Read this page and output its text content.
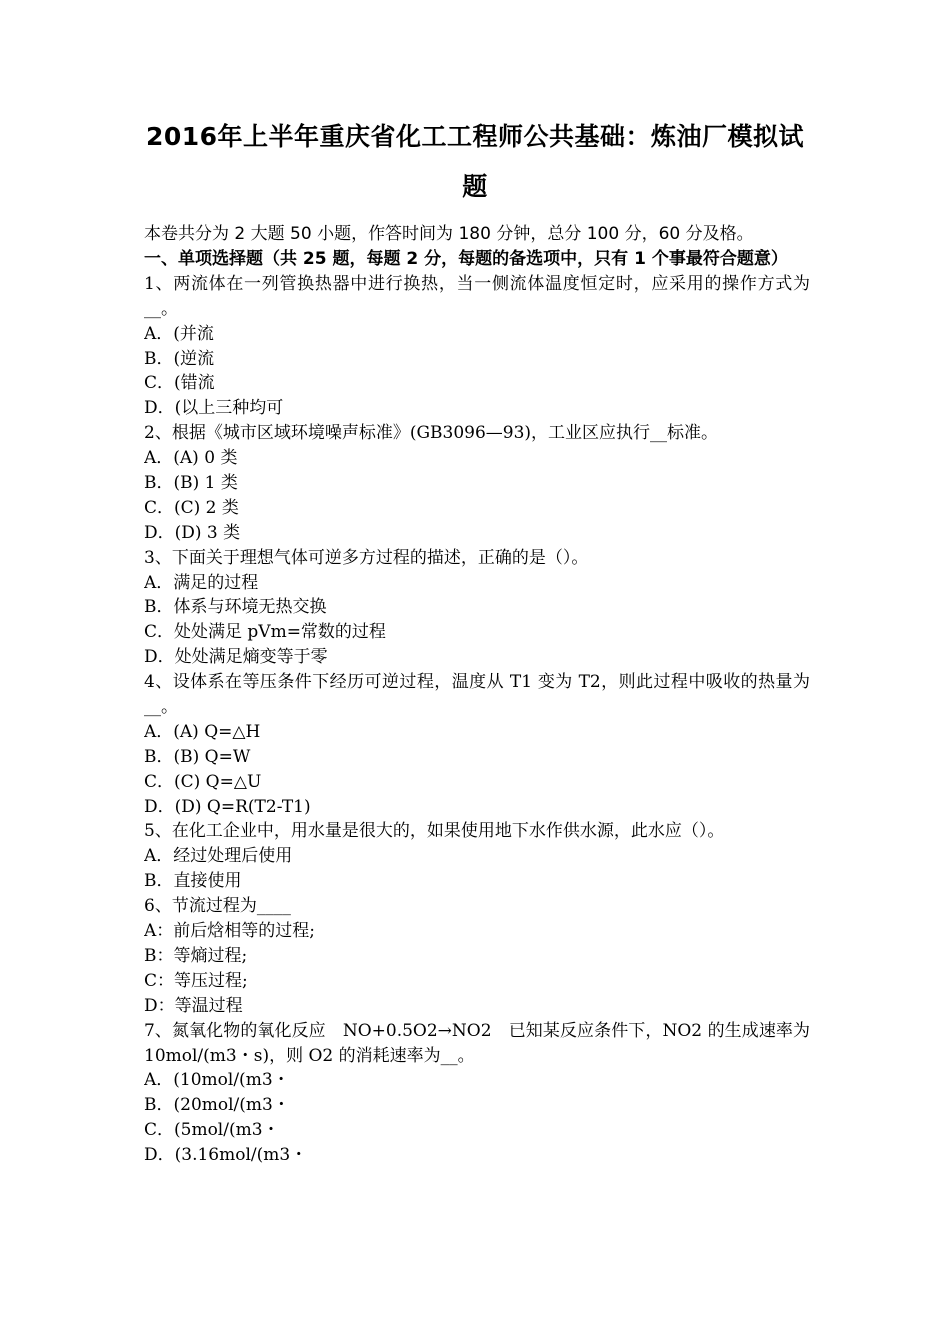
2016年上半年重庆省化工工程师公共基础：炼油厂模拟试题
本卷共分为 2 大题 50 小题，作答时间为 180 分钟，总分 100 分，60 分及格。
一、单项选择题（共 25 题，每题 2 分，每题的备选项中，只有 1 个事最符合题意）
1、两流体在一列管换热器中进行换热，当一侧流体温度恒定时，应采用的操作方式为__。
A．(并流
B．(逆流
C．(错流
D．(以上三种均可
2、根据《城市区域环境噪声标准》(GB3096—93)，工业区应执行__标准。
A．(A) 0 类
B．(B) 1 类
C．(C) 2 类
D．(D) 3 类
3、下面关于理想气体可逆多方过程的描述，正确的是（）。
A．满足的过程
B．体系与环境无热交换
C．处处满足 pVm=常数的过程
D．处处满足熵变等于零
4、设体系在等压条件下经历可逆过程，温度从 T1 变为 T2，则此过程中吸收的热量为__。
A．(A) Q=△H
B．(B) Q=W
C．(C) Q=△U
D．(D) Q=R(T2-T1)
5、在化工企业中，用水量是很大的，如果使用地下水作供水源，此水应（）。
A．经过处理后使用
B．直接使用
6、节流过程为____
A：前后焓相等的过程;
B：等熵过程;
C：等压过程;
D：等温过程
7、氮氧化物的氧化反应　NO+0.5O2→NO2　已知某反应条件下，NO2 的生成速率为 10mol/(m3・s)，则 O2 的消耗速率为__。
A．(10mol/(m3・
B．(20mol/(m3・
C．(5mol/(m3・
D．(3.16mol/(m3・
